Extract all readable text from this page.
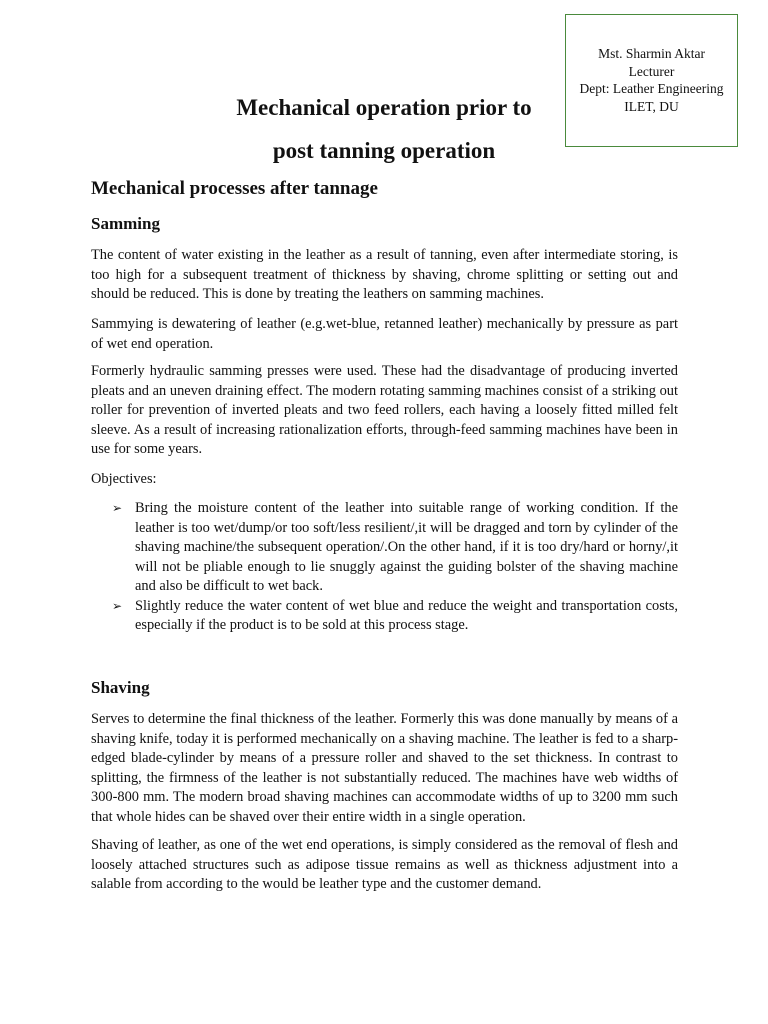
Mst. Sharmin Aktar
Lecturer
Dept: Leather Engineering
ILET, DU
Mechanical operation prior to
post tanning operation
Mechanical processes after tannage
Samming

The content of water existing in the leather as a result of tanning, even after intermediate storing, is too high for a subsequent treatment of thickness by shaving, chrome splitting or setting out and should be reduced. This is done by treating the leathers on samming machines.

Sammying is dewatering of leather (e.g.wet-blue, retanned leather) mechanically by pressure as part of wet end operation.

Formerly hydraulic samming presses were used. These had the disadvantage of producing inverted pleats and an uneven draining effect. The modern rotating samming machines consist of a striking out roller for prevention of inverted pleats and two feed rollers, each having a loosely fitted milled felt sleeve. As a result of increasing rationalization efforts, through-feed samming machines have been in use for some years.

Objectives:

➢ Bring the moisture content of the leather into suitable range of working condition. If the leather is too wet/dump/or too soft/less resilient/,it will be dragged and torn by cylinder of the shaving machine/the subsequent operation/.On the other hand, if it is too dry/hard or horny/,it will not be pliable enough to lie snuggly against the guiding bolster of the shaving machine and also be difficult to wet back.
➢ Slightly reduce the water content of wet blue and reduce the weight and transportation costs, especially if the product is to be sold at this process stage.
Shaving

Serves to determine the final thickness of the leather. Formerly this was done manually by means of a shaving knife, today it is performed mechanically on a shaving machine. The leather is fed to a sharp-edged blade-cylinder by means of a pressure roller and shaved to the set thickness. In contrast to splitting, the firmness of the leather is not substantially reduced. The machines have web widths of 300-800 mm. The modern broad shaving machines can accommodate widths of up to 3200 mm such that whole hides can be shaved over their entire width in a single operation.

Shaving of leather, as one of the wet end operations, is simply considered as the removal of flesh and loosely attached structures such as adipose tissue remains as well as thickness adjustment into a salable from according to the would be leather type and the customer demand.
